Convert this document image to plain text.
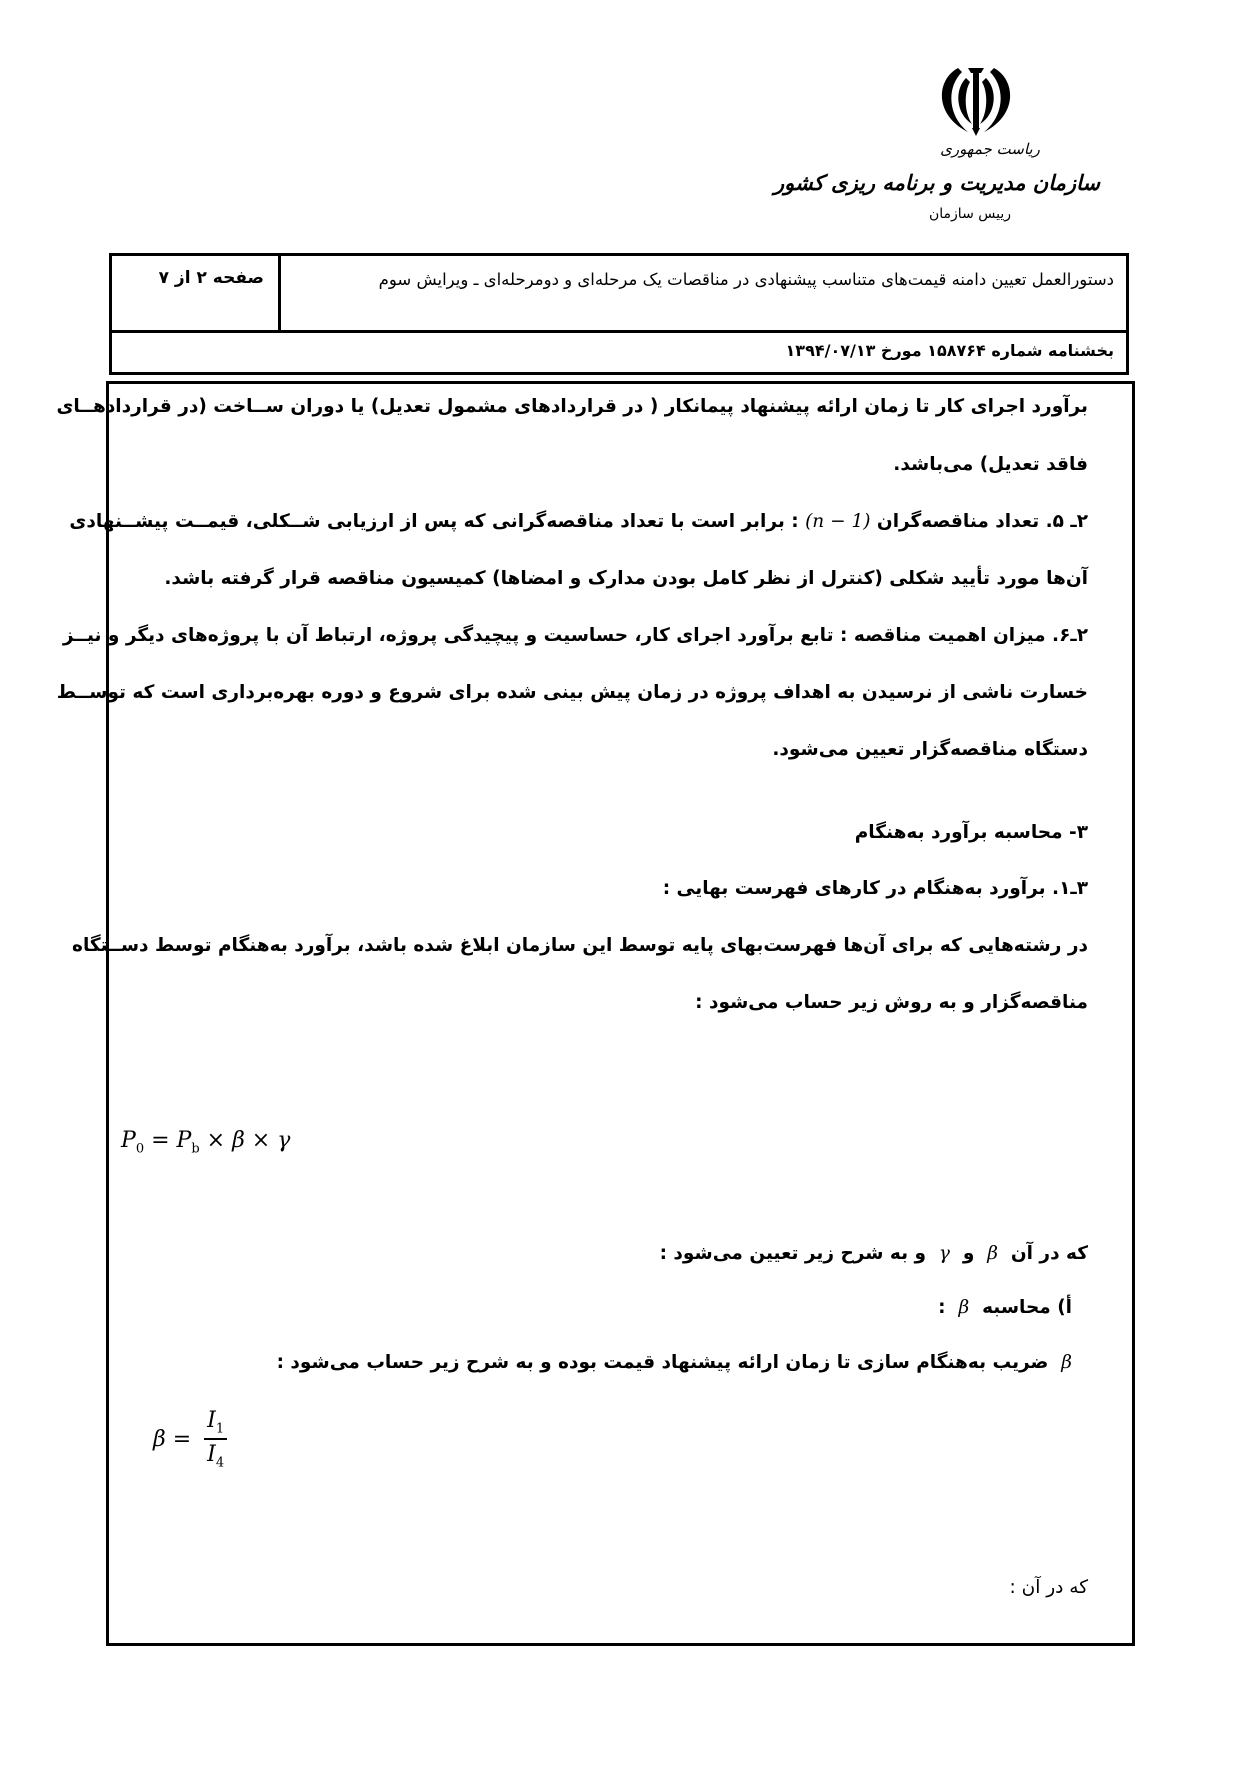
ریاست جمهوری
سازمان مدیریت و برنامه ریزی کشور
رییس سازمان
صفحه ۲ از ۷	دستورالعمل تعیین دامنه قیمت‌های متناسب پیشنهادی در مناقصات یک مرحله‌ای و دومرحله‌ای ـ ویرایش سوم
بخشنامه شماره ۱۵۸۷۶۴ مورخ ۱۳۹۴/۰۷/۱۳
برآورد اجرای کار تا زمان ارائه پیشنهاد پیمانکار ( در قراردادهای مشمول تعدیل) یا دوران ســاخت (در قراردادهــای
فاقد تعدیل) می‌باشد.
۲ـ ۵. تعداد مناقصه‌گران (n − 1) : برابر است با تعداد مناقصه‌گرانی که پس از ارزیابی شــکلی، قیمــت پیشــنهادی
آن‌ها مورد تأیید شکلی (کنترل از نظر کامل بودن مدارک و امضاها) کمیسیون مناقصه قرار گرفته باشد.
۲ـ۶. میزان اهمیت مناقصه : تابع برآورد اجرای کار، حساسیت و پیچیدگی پروژه، ارتباط آن با پروژه‌های دیگر و نیــز
خسارت ناشی از نرسیدن به اهداف پروژه در زمان پیش بینی شده برای شروع و دوره بهره‌برداری است که توســط
دستگاه مناقصه‌گزار تعیین می‌شود.
۳- محاسبه برآورد به‌هنگام
۳ـ۱. برآورد به‌هنگام در کارهای فهرست بهایی :
در رشته‌هایی که برای آن‌ها فهرست‌بهای پایه توسط این سازمان ابلاغ شده باشد، برآورد به‌هنگام توسط دســتگاه
مناقصه‌گزار و به روش زیر حساب می‌شود :
$P_0 = P_b \times \beta \times \gamma$
که در آن  β  و  γ  و به شرح زیر تعیین می‌شود :
أ) محاسبه  β  :
β  ضریب به‌هنگام سازی تا زمان ارائه پیشنهاد قیمت بوده و به شرح زیر حساب می‌شود :
$\beta = \frac{I_1}{I_4}$
که در آن :
